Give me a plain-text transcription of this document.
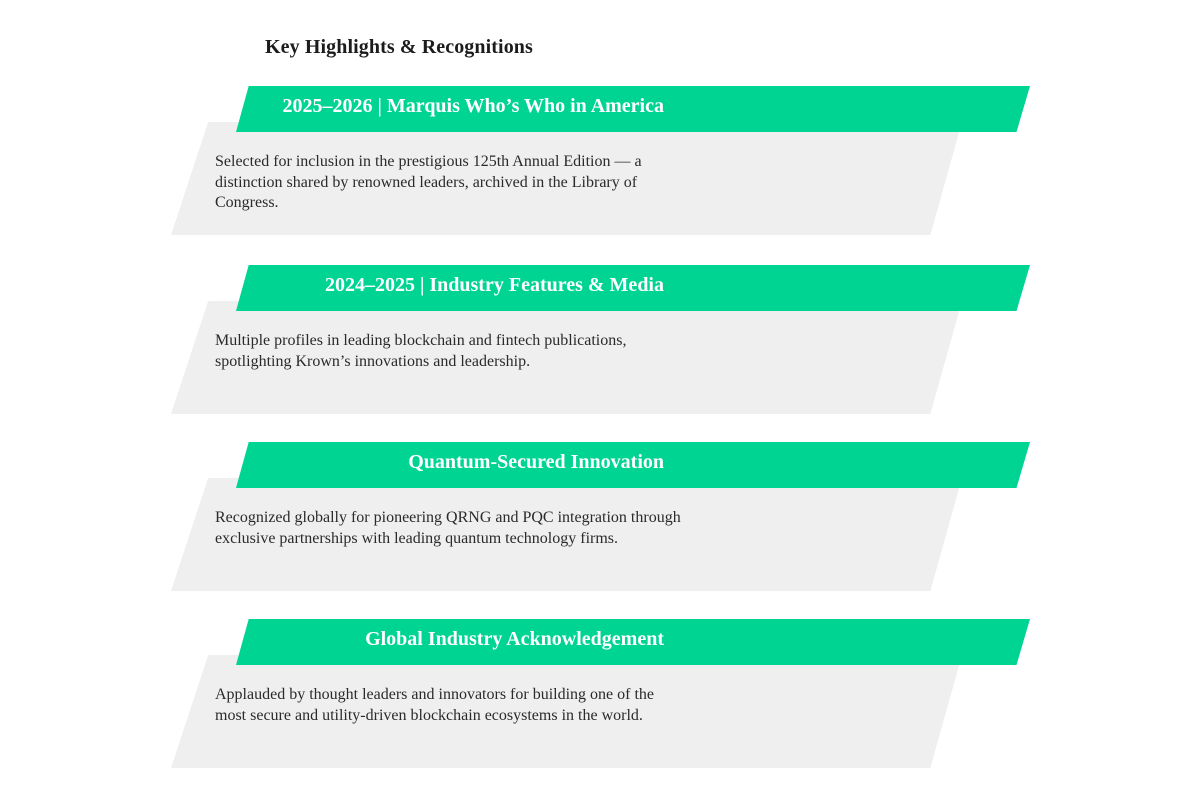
Key Highlights & Recognitions
2025–2026 | Marquis Who’s Who in America

Selected for inclusion in the prestigious 125th Annual Edition — a distinction shared by renowned leaders, archived in the Library of Congress.

2024–2025 | Industry Features & Media

Multiple profiles in leading blockchain and fintech publications, spotlighting Krown’s innovations and leadership.

Quantum-Secured Innovation

Recognized globally for pioneering QRNG and PQC integration through exclusive partnerships with leading quantum technology firms.

Global Industry Acknowledgement

Applauded by thought leaders and innovators for building one of the most secure and utility-driven blockchain ecosystems in the world.
